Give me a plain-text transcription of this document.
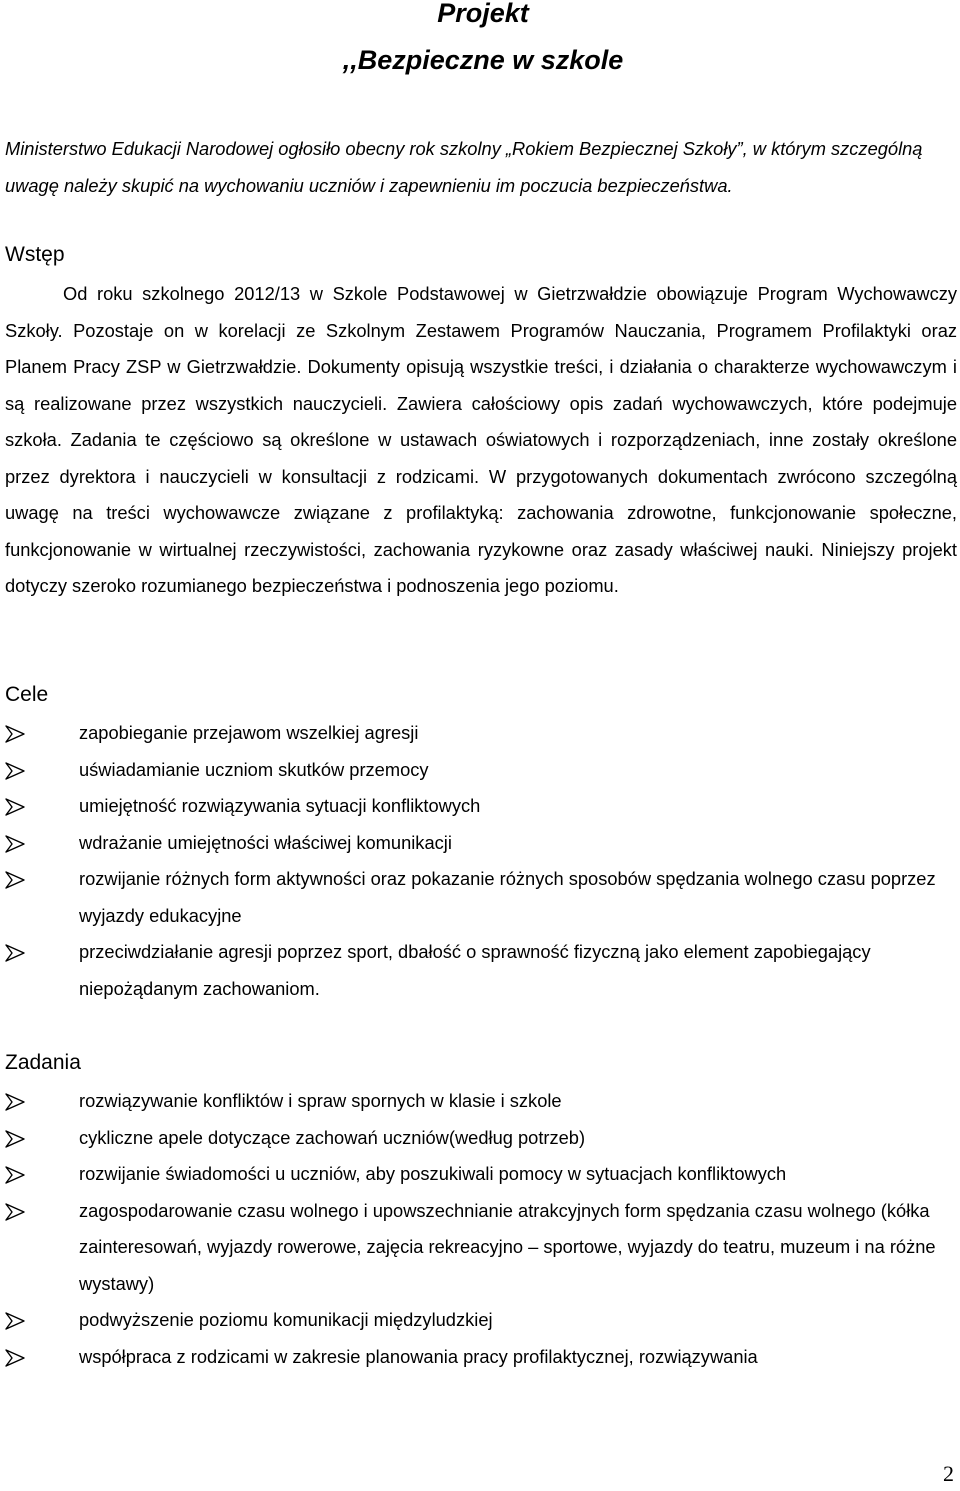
Projekt
,,Bezpieczne w szkole
Ministerstwo Edukacji Narodowej ogłosiło obecny rok szkolny „Rokiem Bezpiecznej Szkoły”, w którym szczególną uwagę należy skupić na wychowaniu uczniów i zapewnieniu im poczucia bezpieczeństwa.
Wstęp
Od roku szkolnego 2012/13 w Szkole Podstawowej w Gietrzwałdzie obowiązuje Program Wychowawczy Szkoły. Pozostaje on w korelacji ze Szkolnym Zestawem Programów Nauczania, Programem Profilaktyki oraz Planem Pracy ZSP w Gietrzwałdzie. Dokumenty opisują wszystkie treści, i działania o charakterze wychowawczym i są realizowane przez wszystkich nauczycieli. Zawiera całościowy opis zadań wychowawczych, które podejmuje szkoła. Zadania te częściowo są określone w ustawach oświatowych i rozporządzeniach, inne zostały określone przez dyrektora i nauczycieli w konsultacji z rodzicami. W przygotowanych dokumentach zwrócono szczególną uwagę na treści wychowawcze związane z profilaktyką: zachowania zdrowotne, funkcjonowanie społeczne, funkcjonowanie w wirtualnej rzeczywistości, zachowania ryzykowne oraz zasady właściwej nauki. Niniejszy projekt dotyczy szeroko rozumianego bezpieczeństwa i podnoszenia jego poziomu.
Cele
zapobieganie przejawom wszelkiej agresji
uświadamianie uczniom skutków przemocy
umiejętność rozwiązywania sytuacji konfliktowych
wdrażanie umiejętności właściwej komunikacji
rozwijanie różnych form aktywności oraz pokazanie różnych sposobów spędzania wolnego czasu poprzez wyjazdy edukacyjne
przeciwdziałanie agresji poprzez sport, dbałość o sprawność fizyczną jako element zapobiegający niepożądanym zachowaniom.
Zadania
rozwiązywanie konfliktów i spraw spornych w klasie i szkole
cykliczne apele dotyczące zachowań uczniów(według potrzeb)
rozwijanie świadomości u uczniów, aby poszukiwali pomocy w sytuacjach konfliktowych
zagospodarowanie czasu wolnego i upowszechnianie atrakcyjnych form spędzania czasu wolnego (kółka zainteresowań, wyjazdy rowerowe, zajęcia rekreacyjno – sportowe, wyjazdy do teatru, muzeum i na różne wystawy)
podwyższenie poziomu komunikacji międzyludzkiej
współpraca z rodzicami w zakresie planowania pracy profilaktycznej, rozwiązywania
2
